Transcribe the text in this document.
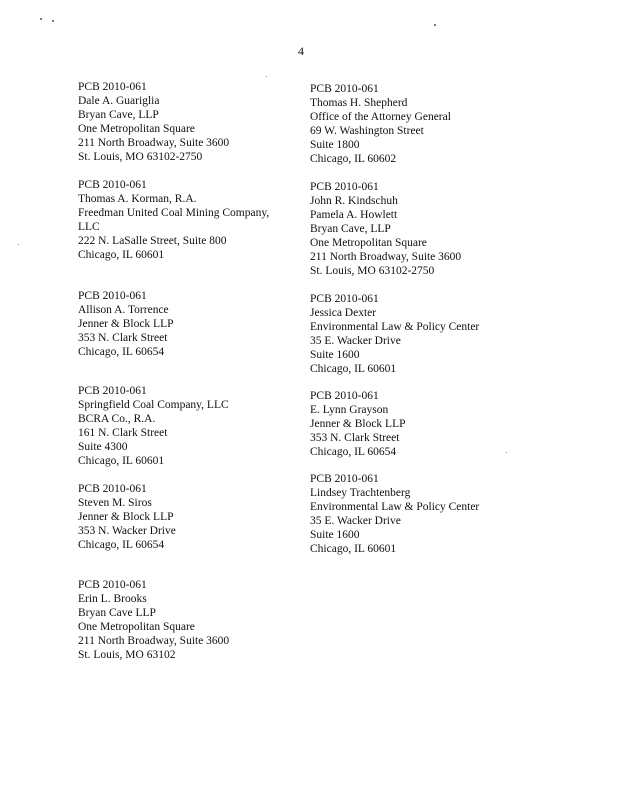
4
PCB 2010-061
Dale A. Guariglia
Bryan Cave, LLP
One Metropolitan Square
211 North Broadway, Suite 3600
St. Louis, MO 63102-2750
PCB 2010-061
Thomas A. Korman, R.A.
Freedman United Coal Mining Company,
LLC
222 N. LaSalle Street, Suite 800
Chicago, IL 60601
PCB 2010-061
Allison A. Torrence
Jenner & Block LLP
353 N. Clark Street
Chicago, IL 60654
PCB 2010-061
Springfield Coal Company, LLC
BCRA Co., R.A.
161 N. Clark Street
Suite 4300
Chicago, IL 60601
PCB 2010-061
Steven M. Siros
Jenner & Block LLP
353 N. Wacker Drive
Chicago, IL 60654
PCB 2010-061
Erin L. Brooks
Bryan Cave LLP
One Metropolitan Square
211 North Broadway, Suite 3600
St. Louis, MO 63102
PCB 2010-061
Thomas H. Shepherd
Office of the Attorney General
69 W. Washington Street
Suite 1800
Chicago, IL 60602
PCB 2010-061
John R. Kindschuh
Pamela A. Howlett
Bryan Cave, LLP
One Metropolitan Square
211 North Broadway, Suite 3600
St. Louis, MO 63102-2750
PCB 2010-061
Jessica Dexter
Environmental Law & Policy Center
35 E. Wacker Drive
Suite 1600
Chicago, IL 60601
PCB 2010-061
E. Lynn Grayson
Jenner & Block LLP
353 N. Clark Street
Chicago, IL 60654
PCB 2010-061
Lindsey Trachtenberg
Environmental Law & Policy Center
35 E. Wacker Drive
Suite 1600
Chicago, IL 60601
